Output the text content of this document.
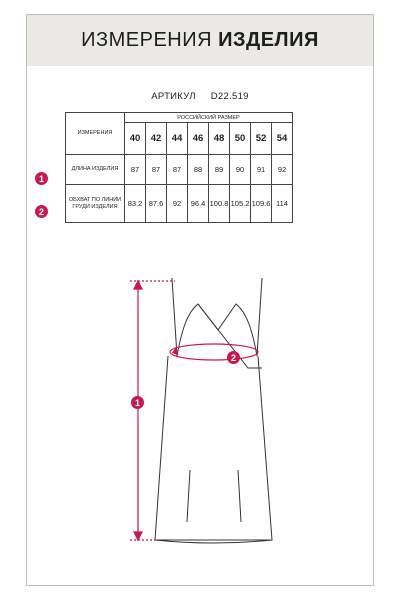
ИЗМЕРЕНИЯ ИЗДЕЛИЯ
АРТИКУЛ D22.519
ИЗМЕРЕНИЯ	РОССИЙСКИЙ РАЗМЕР							
	40	42	44	46	48	50	52	54
ДЛИНА ИЗДЕЛИЯ	87	87	87	88	89	90	91	92
ОБХВАТ ПО ЛИНИИ ГРУДИ ИЗДЕЛИЯ	83.2	87.6	92	96.4	100.8	105.2	109.6	114
1
2
1
2
